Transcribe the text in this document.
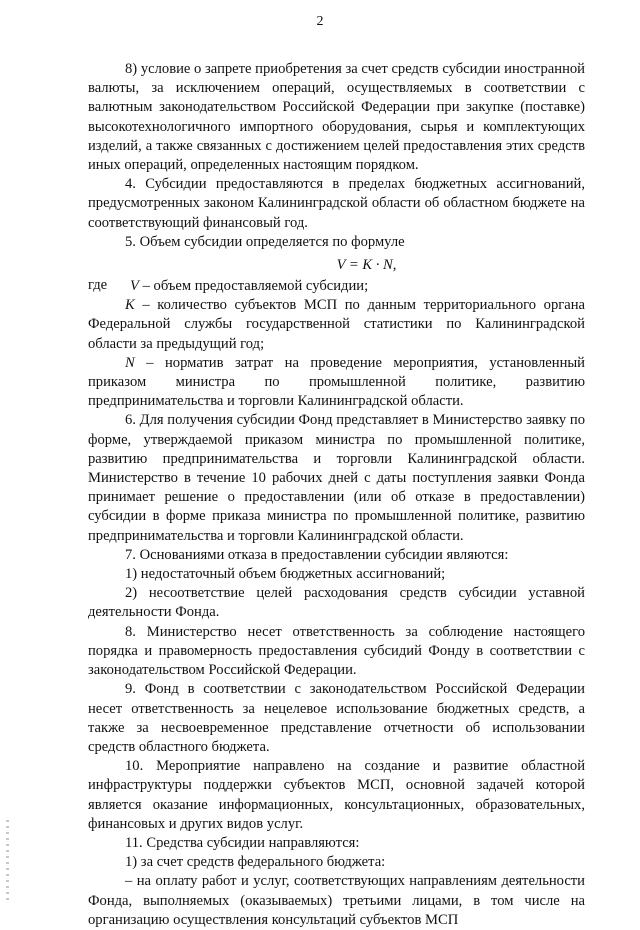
2

8) условие о запрете приобретения за счет средств субсидии иностранной валюты, за исключением операций, осуществляемых в соответствии с валютным законодательством Российской Федерации при закупке (поставке) высокотехнологичного импортного оборудования, сырья и комплектующих изделий, а также связанных с достижением целей предоставления этих средств иных операций, определенных настоящим порядком.

4. Субсидии предоставляются в пределах бюджетных ассигнований, предусмотренных законом Калининградской области об областном бюджете на соответствующий финансовый год.

5. Объем субсидии определяется по формуле

V = K · N,

где	V – объем предоставляемой субсидии;

K – количество субъектов МСП по данным территориального органа Федеральной службы государственной статистики по Калининградской области за предыдущий год;

N – норматив затрат на проведение мероприятия, установленный приказом министра по промышленной политике, развитию предпринимательства и торговли Калининградской области.

6. Для получения субсидии Фонд представляет в Министерство заявку по форме, утверждаемой приказом министра по промышленной политике, развитию предпринимательства и торговли Калининградской области. Министерство в течение 10 рабочих дней с даты поступления заявки Фонда принимает решение о предоставлении (или об отказе в предоставлении) субсидии в форме приказа министра по промышленной политике, развитию предпринимательства и торговли Калининградской области.

7. Основаниями отказа в предоставлении субсидии являются:

1) недостаточный объем бюджетных ассигнований;

2) несоответствие целей расходования средств субсидии уставной деятельности Фонда.

8. Министерство несет ответственность за соблюдение настоящего порядка и правомерность предоставления субсидий Фонду в соответствии с законодательством Российской Федерации.

9. Фонд в соответствии с законодательством Российской Федерации несет ответственность за нецелевое использование бюджетных средств, а также за несвоевременное представление отчетности об использовании средств областного бюджета.

10. Мероприятие направлено на создание и развитие областной инфраструктуры поддержки субъектов МСП, основной задачей которой является оказание информационных, консультационных, образовательных, финансовых и других видов услуг.

11. Средства субсидии направляются:

1) за счет средств федерального бюджета:

– на оплату работ и услуг, соответствующих направлениям деятельности Фонда, выполняемых (оказываемых) третьими лицами, в том числе на организацию осуществления консультаций субъектов МСП
